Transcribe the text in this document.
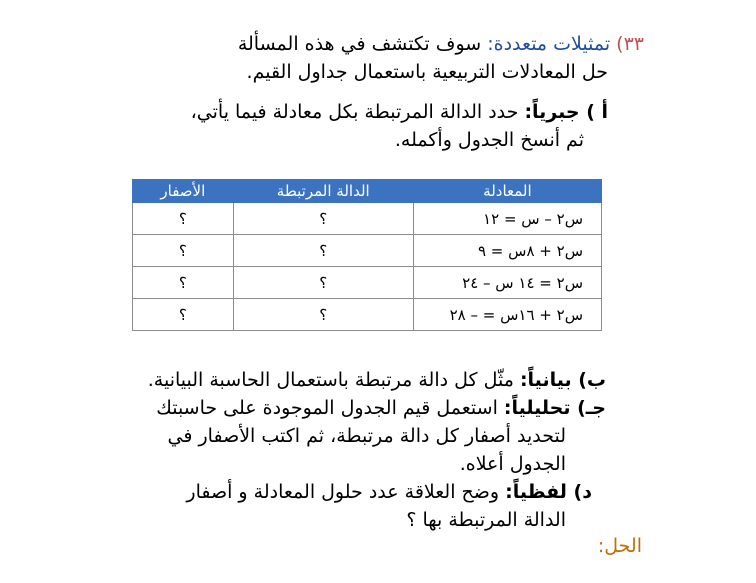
٣٣) تمثيلات متعددة: سوف تكتشف في هذه المسألة
حل المعادلات التربيعية باستعمال جداول القيم.
أ ) جبرياً: حدد الدالة المرتبطة بكل معادلة فيما يأتي،
ثم أنسخ الجدول وأكمله.
المعادلة	الدالة المرتبطة	الأصفار
س٢ – س = ١٢	؟	؟
س٢ + ٨س = ٩	؟	؟
س٢ = ١٤ س – ٢٤	؟	؟
س٢ + ١٦س = – ٢٨	؟	؟
ب) بيانياً: مثّل كل دالة مرتبطة باستعمال الحاسبة البيانية.
جـ) تحليلياً: استعمل قيم الجدول الموجودة على حاسبتك
لتحديد أصفار كل دالة مرتبطة، ثم اكتب الأصفار في
الجدول أعلاه.
د) لفظياً: وضح العلاقة عدد حلول المعادلة و أصفار
الدالة المرتبطة بها ؟
الحل:
